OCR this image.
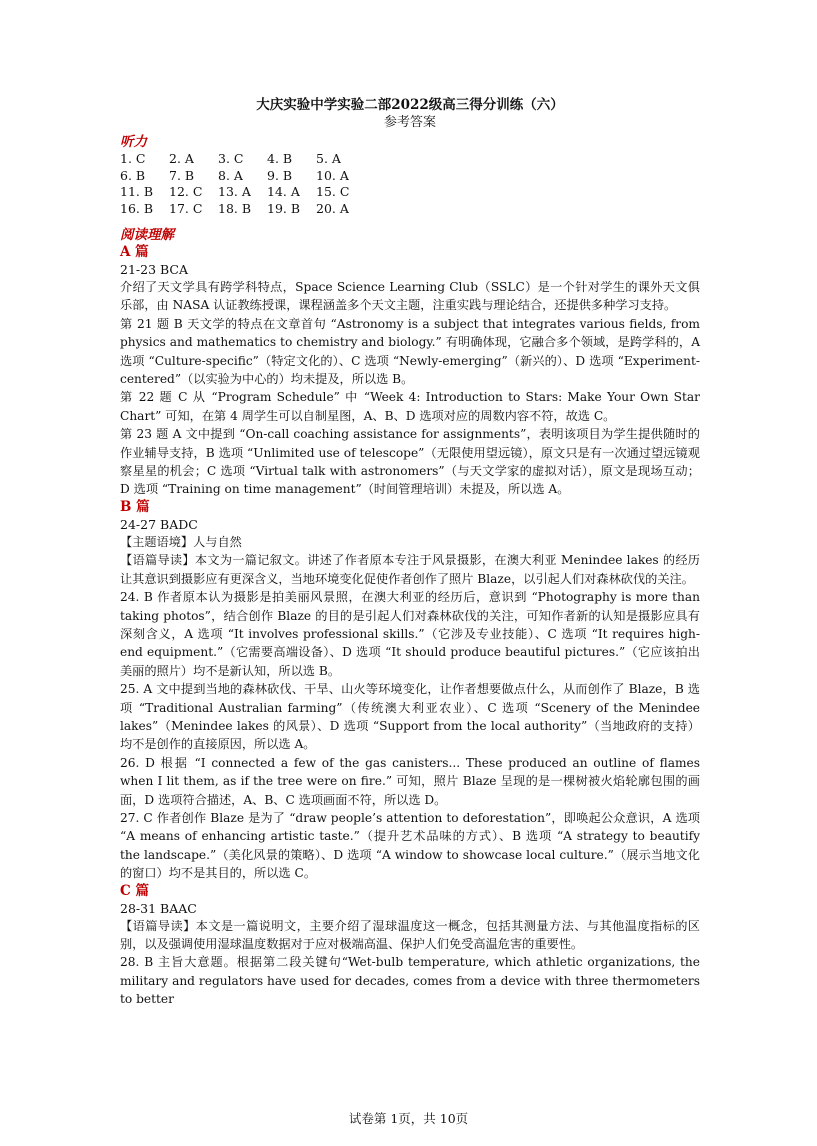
大庆实验中学实验二部2022级高三得分训练（六）

参考答案

听力

1. C	2. A	3. C	4. B	5. A
6. B	7. B	8. A	9. B	10. A
11. B	12. C	13. A	14. A	15. C
16. B	17. C	18. B	19. B	20. A

阅读理解

A 篇

21-23 BCA

介绍了天文学具有跨学科特点，Space Science Learning Club（SSLC）是一个针对学生的课外天文俱乐部，由 NASA 认证教练授课，课程涵盖多个天文主题，注重实践与理论结合，还提供多种学习支持。

第 21 题 B 天文学的特点在文章首句 “Astronomy is a subject that integrates various fields, from physics and mathematics to chemistry and biology.” 有明确体现，它融合多个领域，是跨学科的，A 选项 “Culture-specific”（特定文化的）、C 选项 “Newly-emerging”（新兴的）、D 选项 “Experiment-centered”（以实验为中心的）均未提及，所以选 B。

第 22 题 C 从 “Program Schedule” 中 “Week 4: Introduction to Stars: Make Your Own Star Chart” 可知，在第 4 周学生可以自制星图，A、B、D 选项对应的周数内容不符，故选 C。

第 23 题 A 文中提到 “On-call coaching assistance for assignments”，表明该项目为学生提供随时的作业辅导支持，B 选项 “Unlimited use of telescope”（无限使用望远镜），原文只是有一次通过望远镜观察星星的机会；C 选项 “Virtual talk with astronomers”（与天文学家的虚拟对话），原文是现场互动；D 选项 “Training on time management”（时间管理培训）未提及，所以选 A。

B 篇

24-27 BADC

【主题语境】人与自然

【语篇导读】本文为一篇记叙文。讲述了作者原本专注于风景摄影，在澳大利亚 Menindee lakes 的经历让其意识到摄影应有更深含义，当地环境变化促使作者创作了照片 Blaze，以引起人们对森林砍伐的关注。

24. B 作者原本认为摄影是拍美丽风景照，在澳大利亚的经历后，意识到 “Photography is more than taking photos”，结合创作 Blaze 的目的是引起人们对森林砍伐的关注，可知作者新的认知是摄影应具有深刻含义，A 选项 “It involves professional skills.”（它涉及专业技能）、C 选项 “It requires high-end equipment.”（它需要高端设备）、D 选项 “It should produce beautiful pictures.”（它应该拍出美丽的照片）均不是新认知，所以选 B。

25. A 文中提到当地的森林砍伐、干旱、山火等环境变化，让作者想要做点什么，从而创作了 Blaze，B 选项 “Traditional Australian farming”（传统澳大利亚农业）、C 选项 “Scenery of the Menindee lakes”（Menindee lakes 的风景）、D 选项 “Support from the local authority”（当地政府的支持）均不是创作的直接原因，所以选 A。

26. D 根据 “I connected a few of the gas canisters... These produced an outline of flames when I lit them, as if the tree were on fire.” 可知，照片 Blaze 呈现的是一棵树被火焰轮廓包围的画面，D 选项符合描述，A、B、C 选项画面不符，所以选 D。

27. C 作者创作 Blaze 是为了 “draw people’s attention to deforestation”，即唤起公众意识，A 选项 “A means of enhancing artistic taste.”（提升艺术品味的方式）、B 选项 “A strategy to beautify the landscape.”（美化风景的策略）、D 选项 “A window to showcase local culture.”（展示当地文化的窗口）均不是其目的，所以选 C。

C 篇

28-31 BAAC

【语篇导读】本文是一篇说明文，主要介绍了湿球温度这一概念，包括其测量方法、与其他温度指标的区别，以及强调使用湿球温度数据对于应对极端高温、保护人们免受高温危害的重要性。

28. B 主旨大意题。根据第二段关键句“Wet-bulb temperature, which athletic organizations, the military and regulators have used for decades, comes from a device with three thermometers to better

试卷第 1页，共 10页
